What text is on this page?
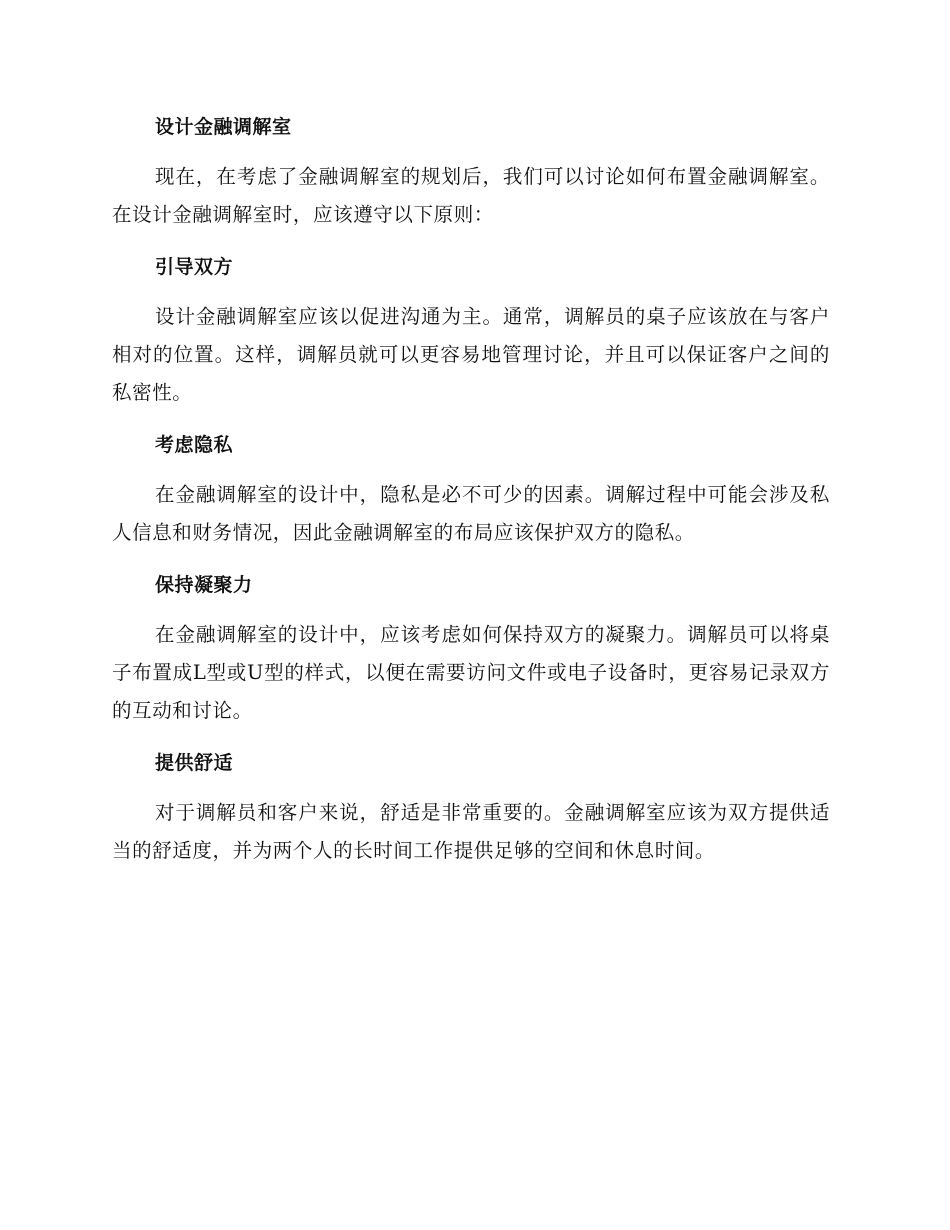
设计金融调解室

现在，在考虑了金融调解室的规划后，我们可以讨论如何布置金融调解室。在设计金融调解室时，应该遵守以下原则：

引导双方

设计金融调解室应该以促进沟通为主。通常，调解员的桌子应该放在与客户相对的位置。这样，调解员就可以更容易地管理讨论，并且可以保证客户之间的私密性。

考虑隐私

在金融调解室的设计中，隐私是必不可少的因素。调解过程中可能会涉及私人信息和财务情况，因此金融调解室的布局应该保护双方的隐私。

保持凝聚力

在金融调解室的设计中，应该考虑如何保持双方的凝聚力。调解员可以将桌子布置成L型或U型的样式，以便在需要访问文件或电子设备时，更容易记录双方的互动和讨论。

提供舒适

对于调解员和客户来说，舒适是非常重要的。金融调解室应该为双方提供适当的舒适度，并为两个人的长时间工作提供足够的空间和休息时间。
